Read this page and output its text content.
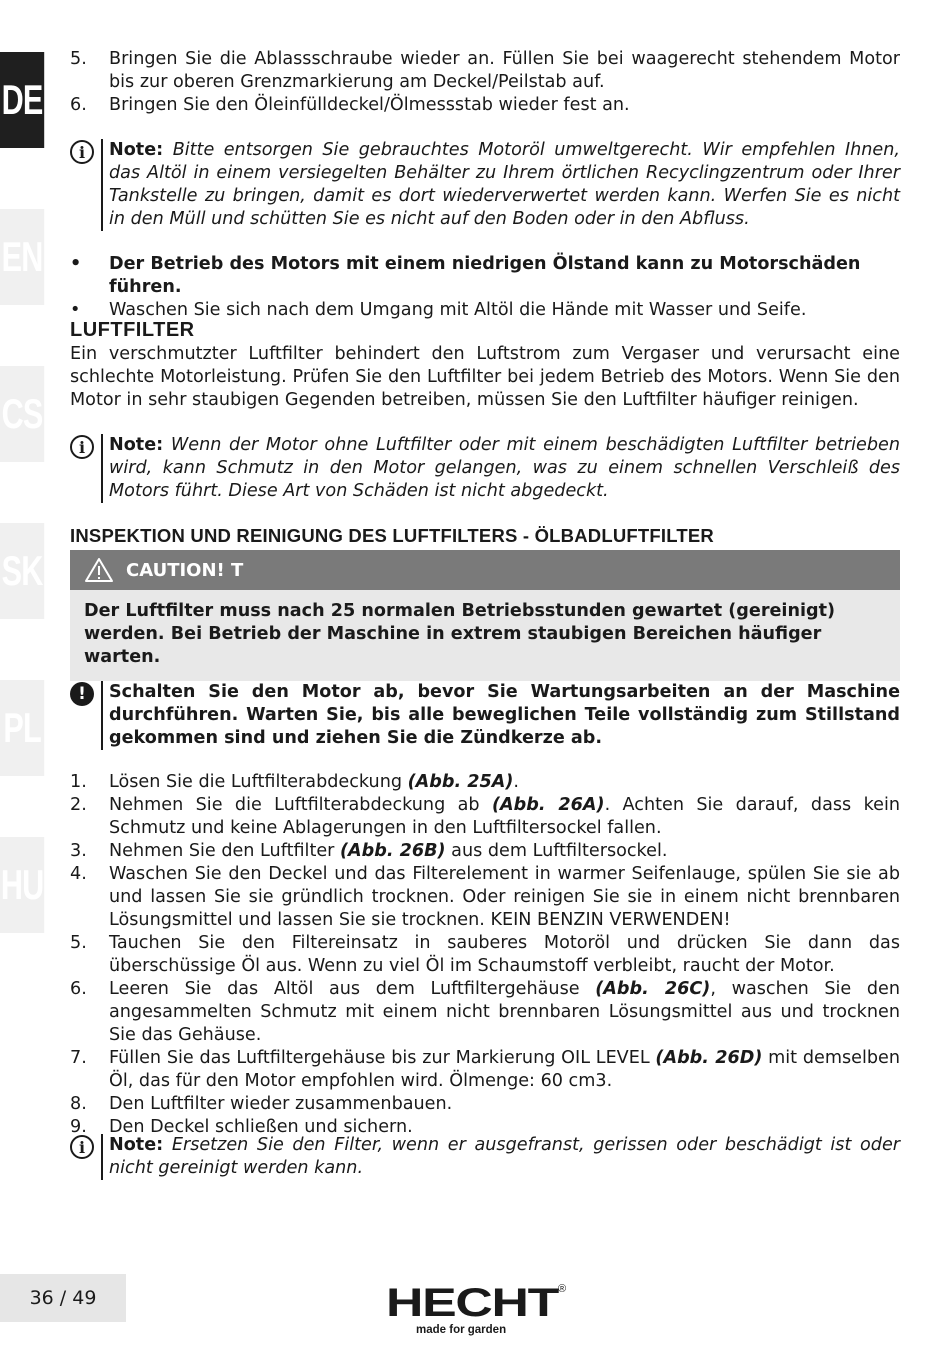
DE
EN
CS
SK
PL
HU
5.	Bringen Sie die Ablassschraube wieder an. Füllen Sie bei waagerecht stehendem Motor bis zur oberen Grenzmarkierung am Deckel/Peilstab auf.
6.	Bringen Sie den Öleinfülldeckel/Ölmessstab wieder fest an.
i	Note: Bitte entsorgen Sie gebrauchtes Motoröl umweltgerecht. Wir empfehlen Ihnen, das Altöl in einem versiegelten Behälter zu Ihrem örtlichen Recyclingzentrum oder Ihrer Tankstelle zu bringen, damit es dort wiederverwertet werden kann. Werfen Sie es nicht in den Müll und schütten Sie es nicht auf den Boden oder in den Abfluss.
•	Der Betrieb des Motors mit einem niedrigen Ölstand kann zu Motorschäden führen.
•	Waschen Sie sich nach dem Umgang mit Altöl die Hände mit Wasser und Seife.
LUFTFILTER
Ein verschmutzter Luftfilter behindert den Luftstrom zum Vergaser und verursacht eine schlechte Motorleistung. Prüfen Sie den Luftfilter bei jedem Betrieb des Motors. Wenn Sie den Motor in sehr staubigen Gegenden betreiben, müssen Sie den Luftfilter häufiger reinigen.
i	Note: Wenn der Motor ohne Luftfilter oder mit einem beschädigten Luftfilter betrieben wird, kann Schmutz in den Motor gelangen, was zu einem schnellen Verschleiß des Motors führt. Diese Art von Schäden ist nicht abgedeckt.
INSPEKTION UND REINIGUNG DES LUFTFILTERS - ÖLBADLUFTFILTER
CAUTION! T
Der Luftfilter muss nach 25 normalen Betriebsstunden gewartet (gereinigt) werden. Bei Betrieb der Maschine in extrem staubigen Bereichen häufiger warten.
!	Schalten Sie den Motor ab, bevor Sie Wartungsarbeiten an der Maschine durchführen. Warten Sie, bis alle beweglichen Teile vollständig zum Stillstand gekommen sind und ziehen Sie die Zündkerze ab.
1.	Lösen Sie die Luftfilterabdeckung (Abb. 25A).
2.	Nehmen Sie die Luftfilterabdeckung ab (Abb. 26A). Achten Sie darauf, dass kein Schmutz und keine Ablagerungen in den Luftfiltersockel fallen.
3.	Nehmen Sie den Luftfilter (Abb. 26B) aus dem Luftfiltersockel.
4.	Waschen Sie den Deckel und das Filterelement in warmer Seifenlauge, spülen Sie sie ab und lassen Sie sie gründlich trocknen. Oder reinigen Sie sie in einem nicht brennbaren Lösungsmittel und lassen Sie sie trocknen. KEIN BENZIN VERWENDEN!
5.	Tauchen Sie den Filtereinsatz in sauberes Motoröl und drücken Sie dann das überschüssige Öl aus. Wenn zu viel Öl im Schaumstoff verbleibt, raucht der Motor.
6.	Leeren Sie das Altöl aus dem Luftfiltergehäuse (Abb. 26C), waschen Sie den angesammelten Schmutz mit einem nicht brennbaren Lösungsmittel aus und trocknen Sie das Gehäuse.
7.	Füllen Sie das Luftfiltergehäuse bis zur Markierung OIL LEVEL (Abb. 26D) mit demselben Öl, das für den Motor empfohlen wird. Ölmenge: 60 cm3.
8.	Den Luftfilter wieder zusammenbauen.
9.	Den Deckel schließen und sichern.
i	Note: Ersetzen Sie den Filter, wenn er ausgefranst, gerissen oder beschädigt ist oder nicht gereinigt werden kann.
36 / 49	HECHT ®
made for garden
